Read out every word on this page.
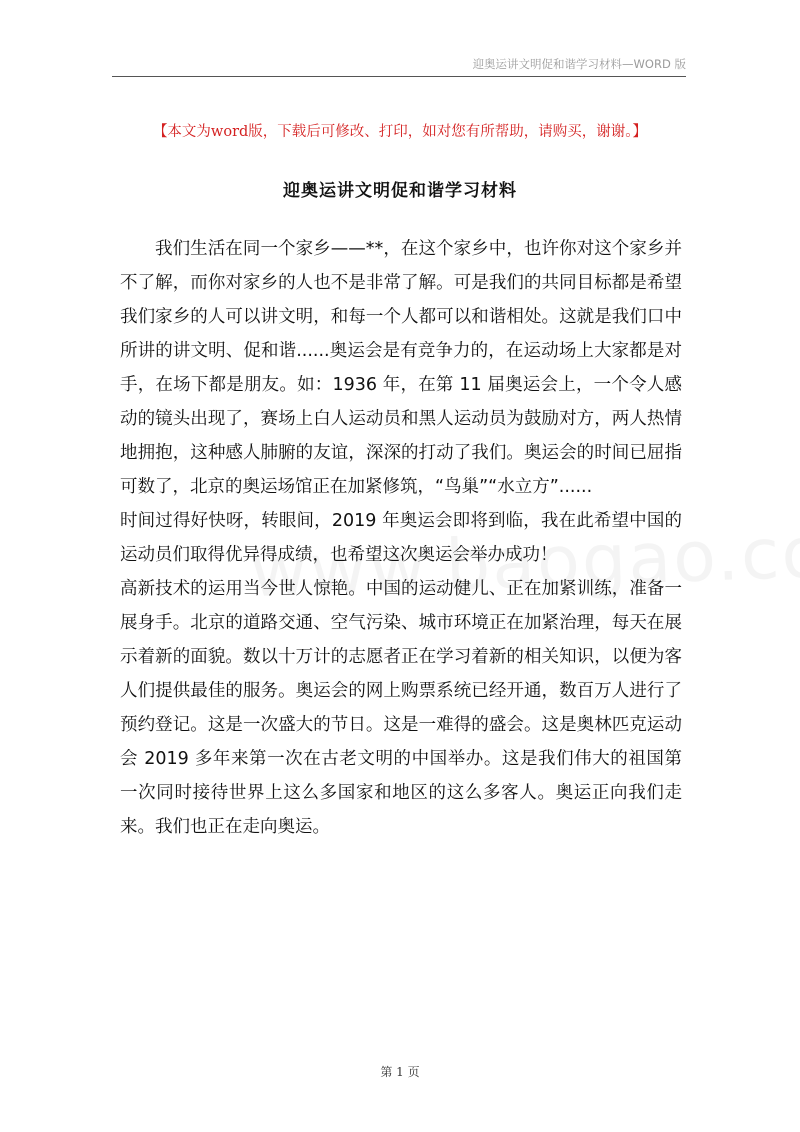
迎奥运讲文明促和谐学习材料—WORD 版
【本文为word版，下载后可修改、打印，如对您有所帮助，请购买，谢谢。】
迎奥运讲文明促和谐学习材料

我们生活在同一个家乡——**，在这个家乡中，也许你对这个家乡并不了解，而你对家乡的人也不是非常了解。可是我们的共同目标都是希望我们家乡的人可以讲文明，和每一个人都可以和谐相处。这就是我们口中所讲的讲文明、促和谐......奥运会是有竞争力的，在运动场上大家都是对手，在场下都是朋友。如：1936 年，在第 11 届奥运会上，一个令人感动的镜头出现了，赛场上白人运动员和黑人运动员为鼓励对方，两人热情地拥抱，这种感人肺腑的友谊，深深的打动了我们。奥运会的时间已屈指可数了，北京的奥运场馆正在加紧修筑，“鸟巢”“水立方”......

时间过得好快呀，转眼间，2019 年奥运会即将到临，我在此希望中国的运动员们取得优异得成绩，也希望这次奥运会举办成功！

高新技术的运用当今世人惊艳。中国的运动健儿、正在加紧训练，准备一展身手。北京的道路交通、空气污染、城市环境正在加紧治理，每天在展示着新的面貌。数以十万计的志愿者正在学习着新的相关知识，以便为客人们提供最佳的服务。奥运会的网上购票系统已经开通，数百万人进行了预约登记。这是一次盛大的节日。这是一难得的盛会。这是奥林匹克运动会 2019 多年来第一次在古老文明的中国举办。这是我们伟大的祖国第一次同时接待世界上这么多国家和地区的这么多客人。奥运正向我们走来。我们也正在走向奥运。

第 1 页
